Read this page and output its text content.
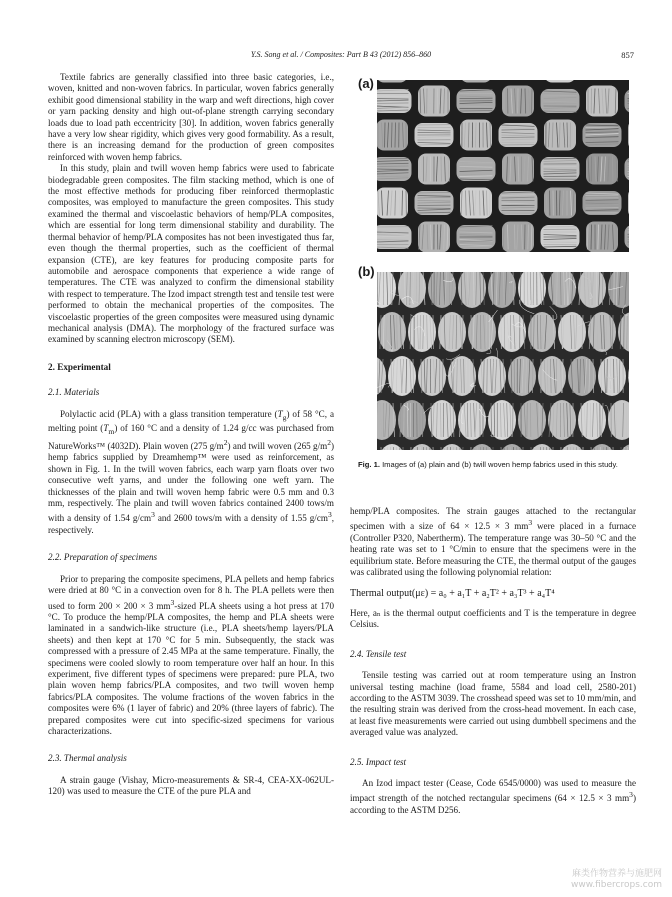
Y.S. Song et al. / Composites: Part B 43 (2012) 856–860	857

Textile fabrics are generally classified into three basic categories, i.e., woven, knitted and non-woven fabrics. In particular, woven fabrics generally exhibit good dimensional stability in the warp and weft directions, high cover or yarn packing density and high out-of-plane strength carrying secondary loads due to load path eccentricity [30]. In addition, woven fabrics generally have a very low shear rigidity, which gives very good formability. As a result, there is an increasing demand for the production of green composites reinforced with woven hemp fabrics.

In this study, plain and twill woven hemp fabrics were used to fabricate biodegradable green composites. The film stacking method, which is one of the most effective methods for producing fiber reinforced thermoplastic composites, was employed to manufacture the green composites. This study examined the thermal and viscoelastic behaviors of hemp/PLA composites, which are essential for long term dimensional stability and durability. The thermal behavior of hemp/PLA composites has not been investigated thus far, even though the thermal properties, such as the coefficient of thermal expansion (CTE), are key features for producing composite parts for automobile and aerospace components that experience a wide range of temperatures. The CTE was analyzed to confirm the dimensional stability with respect to temperature. The Izod impact strength test and tensile test were performed to obtain the mechanical properties of the composites. The viscoelastic properties of the green composites were measured using dynamic mechanical analysis (DMA). The morphology of the fractured surface was examined by scanning electron microscopy (SEM).

2. Experimental
2.1. Materials

Polylactic acid (PLA) with a glass transition temperature $(T_g)$ of 58 °C, a melting point $(T_m)$ of 160 °C and a density of 1.24 g/cc was purchased from NatureWorks™ (4032D). Plain woven (275 $g/m^2$) and twill woven (265 $g/m^2$) hemp fabrics supplied by Dreamhemp™ were used as reinforcement, as shown in Fig. 1. In the twill woven fabrics, each warp yarn floats over two consecutive weft yarns, and under the following one weft yarn. The thicknesses of the plain and twill woven hemp fabric were 0.5 mm and 0.3 mm, respectively. The plain and twill woven fabrics contained 2400 tows/m with a density of 1.54 $g/cm^3$ and 2600 tows/m with a density of 1.55 $g/cm^3$, respectively.

2.2. Preparation of specimens

Prior to preparing the composite specimens, PLA pellets and hemp fabrics were dried at 80 °C in a convection oven for 8 h. The PLA pellets were then used to form 200 × 200 × 3 $mm^3$-sized PLA sheets using a hot press at 170 °C. To produce the hemp/PLA composites, the hemp and PLA sheets were laminated in a sandwich-like structure (i.e., PLA sheets/hemp layers/PLA sheets) and then kept at 170 °C for 5 min. Subsequently, the stack was compressed with a pressure of 2.45 MPa at the same temperature. Finally, the specimens were cooled slowly to room temperature over half an hour. In this experiment, five different types of specimens were prepared: pure PLA, two plain woven hemp fabrics/PLA composites, and two twill woven hemp fabrics/PLA composites. The volume fractions of the woven fabrics in the composites were 6% (1 layer of fabric) and 20% (three layers of fabric). The prepared composites were cut into specific-sized specimens for various characterizations.

2.3. Thermal analysis

A strain gauge (Vishay, Micro-measurements & SR-4, CEA-XX-062UL-120) was used to measure the CTE of the pure PLA and

(a)
(b)
Fig. 1. Images of (a) plain and (b) twill woven hemp fabrics used in this study.

hemp/PLA composites. The strain gauges attached to the rectangular specimen with a size of 64 × 12.5 × 3 $mm^3$ were placed in a furnace (Controller P320, Nabertherm). The temperature range was 30–50 °C and the heating rate was set to 1 °C/min to ensure that the specimens were in the equilibrium state. Before measuring the CTE, the thermal output of the gauges was calibrated using the following polynomial relation:

Thermal output(με) = a₀ + a₁T + a₂T² + a₃T³ + a₄T⁴

Here, aₙ is the thermal output coefficients and T is the temperature in degree Celsius.

2.4. Tensile test

Tensile testing was carried out at room temperature using an Instron universal testing machine (load frame, 5584 and load cell, 2580-201) according to the ASTM 3039. The crosshead speed was set to 10 mm/min, and the resulting strain was derived from the cross-head movement. In each case, at least five measurements were carried out using dumbbell specimens and the averaged value was analyzed.

2.5. Impact test

An Izod impact tester (Cease, Code 6545/0000) was used to measure the impact strength of the notched rectangular specimens (64 × 12.5 × 3 $mm^3$) according to the ASTM D256.

麻类作物营养与施肥网
www.fibercrops.com
